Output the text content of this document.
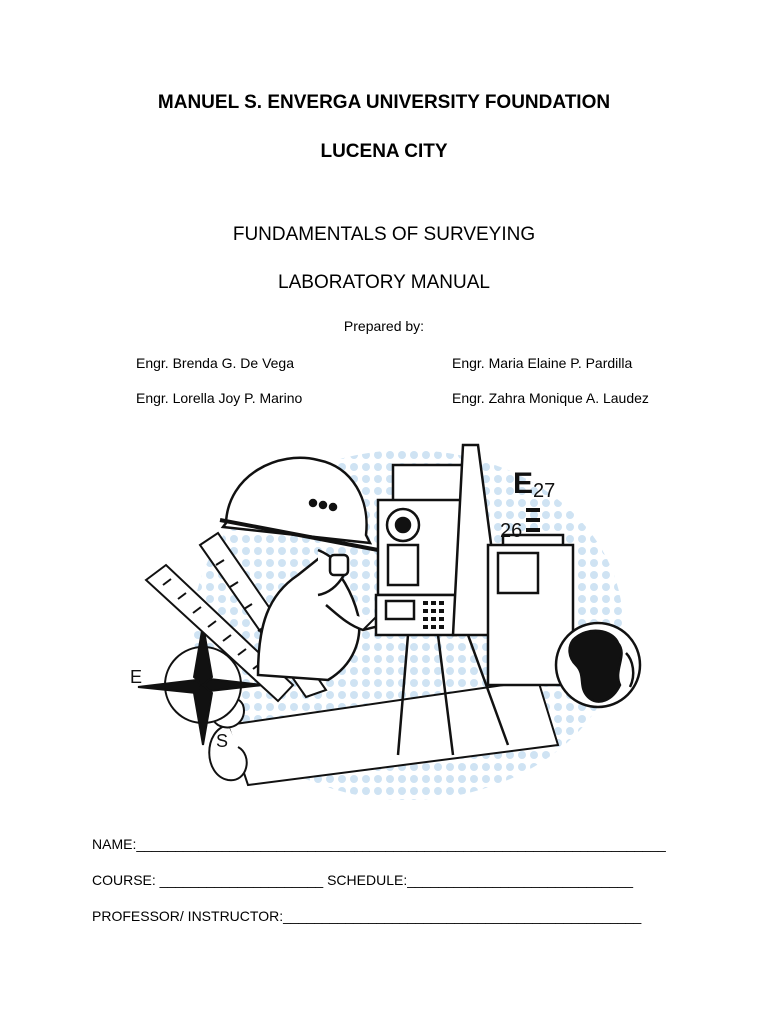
MANUEL S. ENVERGA UNIVERSITY FOUNDATION
LUCENA CITY
FUNDAMENTALS OF SURVEYING
LABORATORY MANUAL
Prepared by:
Engr. Brenda G. De Vega	Engr. Maria Elaine P. Pardilla
Engr. Lorella Joy P. Marino	Engr. Zahra Monique A. Laudez
E
S
E 27
26
NAME:____________________________________________________________________
COURSE: _____________________ SCHEDULE:_____________________________
PROFESSOR/ INSTRUCTOR:______________________________________________
